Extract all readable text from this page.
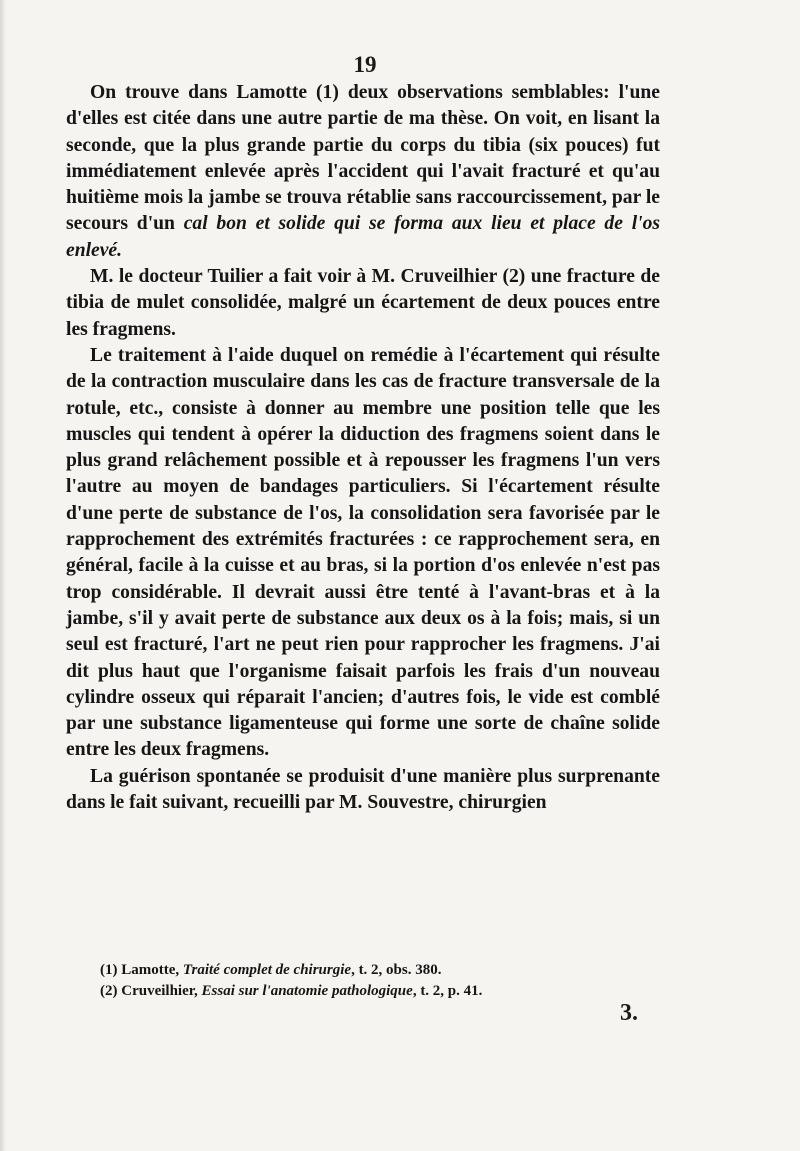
19

On trouve dans Lamotte (1) deux observations semblables: l'une d'elles est citée dans une autre partie de ma thèse. On voit, en lisant la seconde, que la plus grande partie du corps du tibia (six pouces) fut immédiatement enlevée après l'accident qui l'avait fracturé et qu'au huitième mois la jambe se trouva rétablie sans raccourcissement, par le secours d'un cal bon et solide qui se forma aux lieu et place de l'os enlevé.

M. le docteur Tuilier a fait voir à M. Cruveilhier (2) une fracture de tibia de mulet consolidée, malgré un écartement de deux pouces entre les fragmens.

Le traitement à l'aide duquel on remédie à l'écartement qui résulte de la contraction musculaire dans les cas de fracture transversale de la rotule, etc., consiste à donner au membre une position telle que les muscles qui tendent à opérer la diduction des fragmens soient dans le plus grand relâchement possible et à repousser les fragmens l'un vers l'autre au moyen de bandages particuliers. Si l'écartement résulte d'une perte de substance de l'os, la consolidation sera favorisée par le rapprochement des extrémités fracturées : ce rapprochement sera, en général, facile à la cuisse et au bras, si la portion d'os enlevée n'est pas trop considérable. Il devrait aussi être tenté à l'avant-bras et à la jambe, s'il y avait perte de substance aux deux os à la fois; mais, si un seul est fracturé, l'art ne peut rien pour rapprocher les fragmens. J'ai dit plus haut que l'organisme faisait parfois les frais d'un nouveau cylindre osseux qui réparait l'ancien; d'autres fois, le vide est comblé par une substance ligamenteuse qui forme une sorte de chaîne solide entre les deux fragmens.

La guérison spontanée se produisit d'une manière plus surprenante dans le fait suivant, recueilli par M. Souvestre, chirurgien

(1) Lamotte, Traité complet de chirurgie, t. 2, obs. 380.
(2) Cruveilhier, Essai sur l'anatomie pathologique, t. 2, p. 41.
3.
